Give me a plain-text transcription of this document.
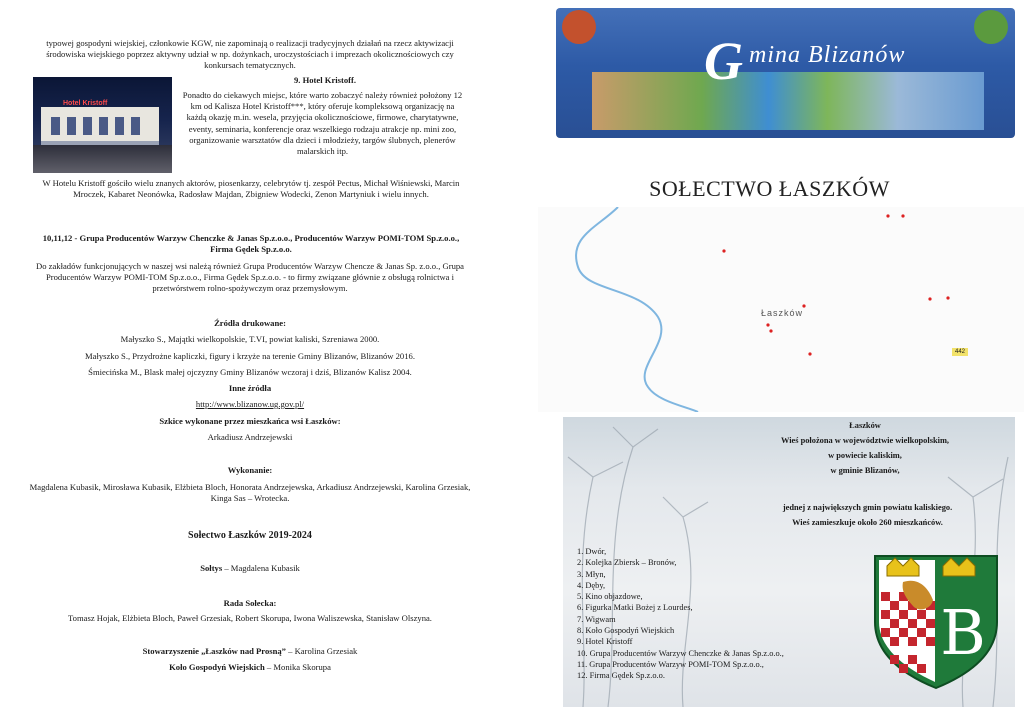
typowej gospodyni wiejskiej, członkowie KGW, nie zapominają o realizacji tradycyjnych działań na rzecz aktywizacji środowiska wiejskiego poprzez aktywny udział w np. dożynkach, uroczystościach i imprezach okolicznościowych czy konkursach tematycznych.

Hotel Kristoff

9. Hotel Kristoff.

Ponadto do ciekawych miejsc, które warto zobaczyć należy również położony 12 km od Kalisza Hotel Kristoff***, który oferuje kompleksową organizację na każdą okazję m.in. wesela, przyjęcia okolicznościowe, firmowe, charytatywne, eventy, seminaria, konferencje oraz wszelkiego rodzaju atrakcje np. mini zoo, organizowanie warsztatów dla dzieci i młodzieży, targów ślubnych, plenerów malarskich itp.

W Hotelu Kristoff gościło wielu znanych aktorów, piosenkarzy, celebrytów tj. zespół Pectus, Michał Wiśniewski, Marcin Mroczek, Kabaret Neonówka, Radosław Majdan, Zbigniew Wodecki, Zenon Martyniuk i wielu innych.

10,11,12 - Grupa Producentów Warzyw Chenczke & Janas Sp.z.o.o., Producentów Warzyw POMI-TOM Sp.z.o.o., Firma Gędek Sp.z.o.o.

Do zakładów funkcjonujących w naszej wsi należą również Grupa Producentów Warzyw Chencze & Janas Sp. z.o.o., Grupa Producentów Warzyw POMI-TOM Sp.z.o.o., Firma Gędek Sp.z.o.o. - to firmy związane głównie z obsługą rolnictwa i przetwórstwem rolno-spożywczym oraz przemysłowym.

Źródła drukowane:

Małyszko S., Majątki wielkopolskie, T.VI, powiat kaliski, Szreniawa 2000.

Małyszko S., Przydrożne kapliczki, figury i krzyże na terenie Gminy Blizanów, Blizanów 2016.

Śmiecińska M., Blask małej ojczyzny Gminy Blizanów wczoraj i dziś, Blizanów Kalisz 2004.

Inne źródła

http://www.blizanow.ug.gov.pl/

Szkice wykonane przez mieszkańca wsi Łaszków:

Arkadiusz Andrzejewski

Wykonanie:

Magdalena Kubasik, Mirosława Kubasik, Elżbieta Bloch, Honorata Andrzejewska, Arkadiusz Andrzejewski, Karolina Grzesiak, Kinga Sas – Wrotecka.

Sołectwo Łaszków 2019-2024

Sołtys – Magdalena Kubasik

Rada Sołecka:

Tomasz Hojak, Elżbieta Bloch, Paweł Grzesiak, Robert Skorupa, Iwona Waliszewska, Stanisław Olszyna.

Stowarzyszenie „Łaszków nad Prosną” – Karolina Grzesiak

Koło Gospodyń Wiejskich – Monika Skorupa

G mina Blizanów
SOŁECTWO ŁASZKÓW
Łaszków
442
Łaszków
Wieś położona w województwie wielkopolskim,
w powiecie kaliskim,
w gminie Blizanów,
jednej z największych gmin powiatu kaliskiego.
Wieś zamieszkuje około 260 mieszkańców.
1. Dwór,
2. Kolejka Zbiersk – Bronów,
3. Młyn,
4. Dęby,
5. Kino objazdowe,
6. Figurka Matki Bożej z Lourdes,
7. Wigwam
8. Koło Gospodyń Wiejskich
9. Hotel Kristoff
10. Grupa Producentów Warzyw Chenczke & Janas Sp.z.o.o.,
11. Grupa Producentów Warzyw POMI-TOM Sp.z.o.o.,
12. Firma Gędek Sp.z.o.o.
B
